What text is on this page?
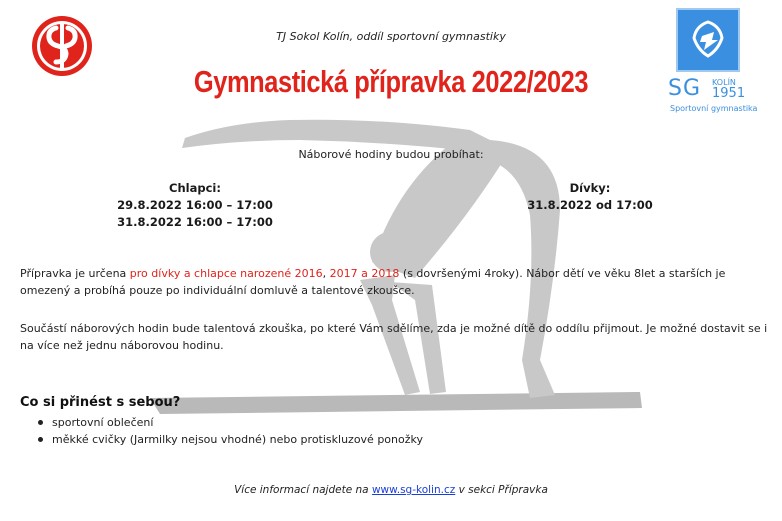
SG KOLÍN
1951
Sportovní gymnastika
TJ Sokol Kolín, oddíl sportovní gymnastiky
Gymnastická přípravka 2022/2023
Náborové hodiny budou probíhat:
Chlapci:
29.8.2022 16:00 – 17:00
31.8.2022 16:00 – 17:00
Dívky:
31.8.2022 od 17:00
Přípravka je určena pro dívky a chlapce narozené 2016, 2017 a 2018 (s dovršenými 4roky). Nábor dětí ve věku 8let a starších je omezený a probíhá pouze po individuální domluvě a talentové zkoušce.
Součástí náborových hodin bude talentová zkouška, po které Vám sdělíme, zda je možné dítě do oddílu přijmout. Je možné dostavit se i na více než jednu náborovou hodinu.
Co si přinést s sebou?
sportovní oblečení
měkké cvičky (Jarmilky nejsou vhodné) nebo protiskluzové ponožky
Více informací najdete na www.sg-kolin.cz v sekci Přípravka
